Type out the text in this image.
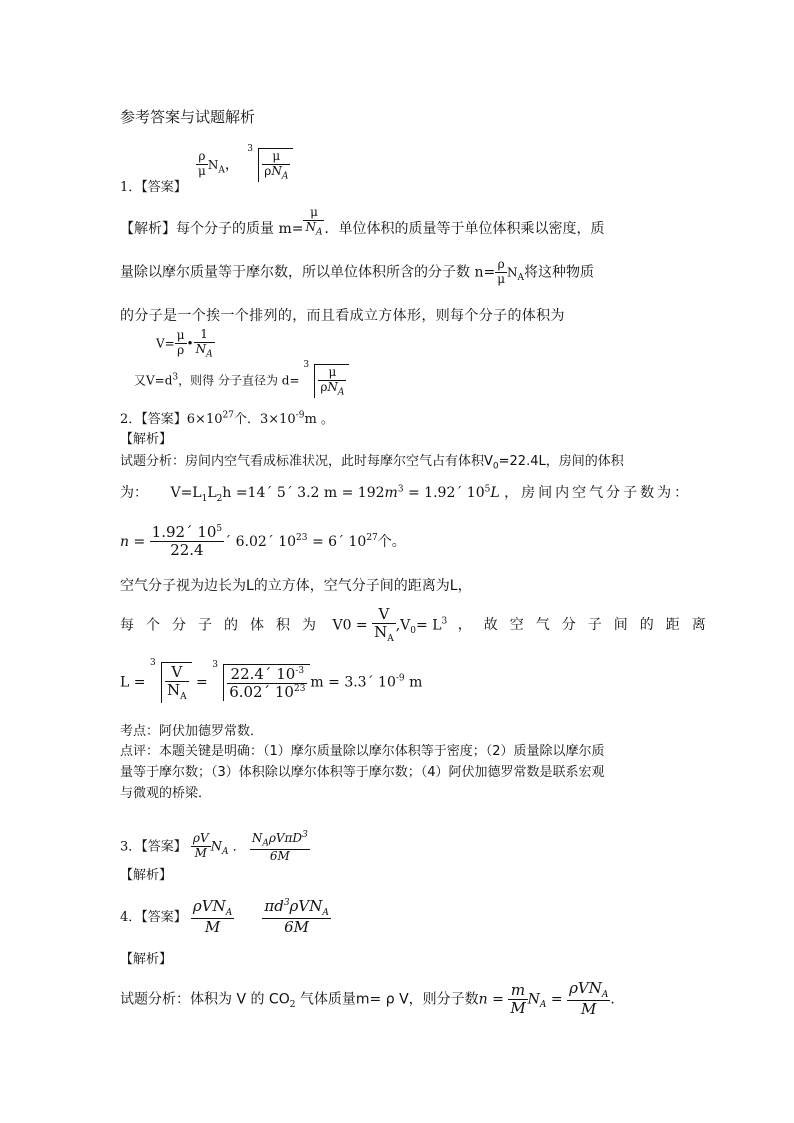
参考答案与试题解析
1．【答案】
$\frac{\rho}{\mu} N_A$，
3
$\frac{\mu}{\rho N_A}$
【解析】每个分子的质量 $m= \frac{\mu}{N_A}$ ．单位体积的质量等于单位体积乘以密度，质
量除以摩尔质量等于摩尔数，所以单位体积所含的分子数 $n= \frac{\rho}{\mu} N_A$将这种物质
的分子是一个挨一个排列的，而且看成立方体形，则每个分子的体积为
$V= \frac{\mu}{\rho}$ • $\frac{1}{N_A}$
又$V=d^3$，则得 分子直径为 d=
3
$\frac{\mu}{\rho N_A}$
2．【答案】$6\times 10^{27}$个．$3\times 10^{-9}m$ 。
【解析】
试题分析：房间内空气看成标准状况，此时每摩尔空气占有体积$V_0=22.4L$，房间的体积
为： $V=L_1L_2h$ =14´ 5´ 3.2 $m = 192m^3$ = 1.92´ $10^5L$ ，房间内空气分子数为：
$n = \frac{1.92´ 10^5}{22.4}$ ´ 6.02´ $10^{23}$ = 6´ $10^{27}$个。
空气分子视为边长为L的立方体，空气分子间的距离为L，
每个分子的体积为 $V0 = \frac{V}{N_A} ,V_0= L^3$ ，故空气分子间的距离
L =
3
$\frac{V}{N_A}$ =
3
$\frac{22.4´ 10^{-3}}{6.02´ 10^{23}}$ m = 3.3´ $10^{-9}$ m
考点：阿伏加德罗常数．
点评：本题关键是明确：（1）摩尔质量除以摩尔体积等于密度；（2）质量除以摩尔质
量等于摩尔数；（3）体积除以摩尔体积等于摩尔数；（4）阿伏加德罗常数是联系宏观
与微观的桥梁．
3．【答案】 $\frac{\rho V}{M} N_A$ ． $\frac{N_A\rho V\pi D^3}{6M}$
【解析】
4．【答案】 $\frac{\rho VN_A}{M}$
$\frac{\pi d^3\rho VN_A}{6M}$
【解析】
试题分析：体积为 V 的 $CO_2$ 气体质量m= ρ V，则分子数$n = \frac{m}{M} N_A = \frac{\rho VN_A}{M}$ ．
